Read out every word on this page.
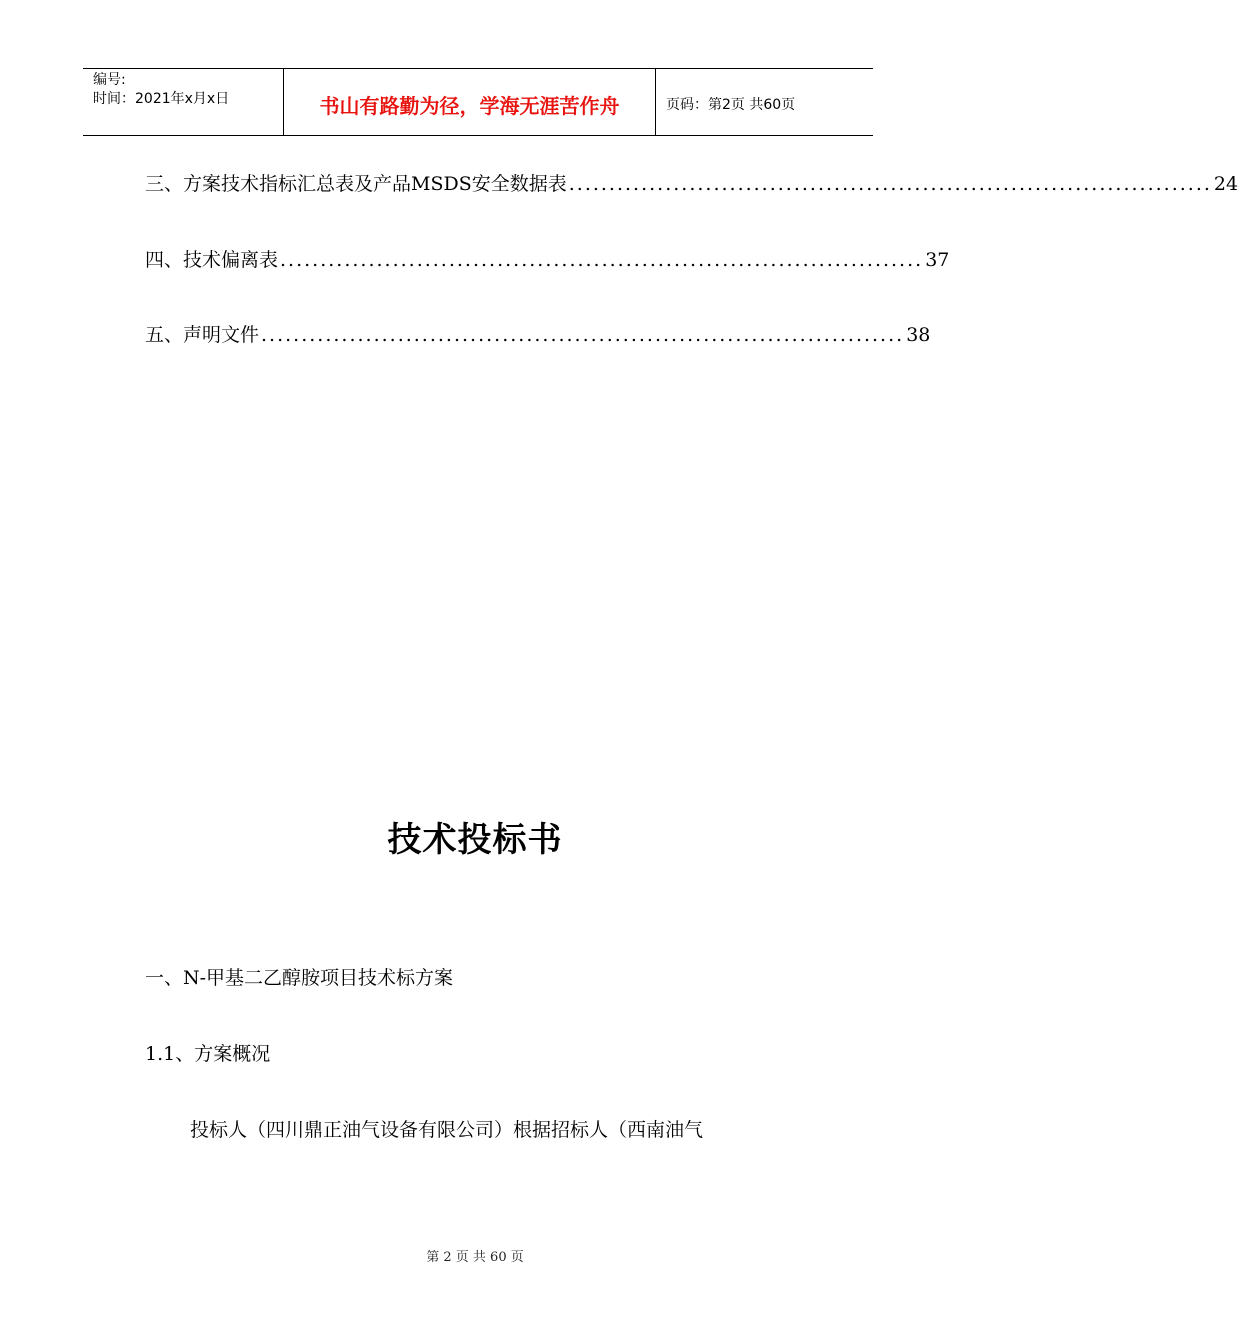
编号:
时间：2021年x月x日	书山有路勤为径，学海无涯苦作舟	页码：第2页 共60页
三、方案技术指标汇总表及产品MSDS安全数据表 ................................................................................ 24
四、技术偏离表 ................................................................................ 37
五、声明文件 ................................................................................ 38
技术投标书
一、N-甲基二乙醇胺项目技术标方案
1.1、方案概况
投标人（四川鼎正油气设备有限公司）根据招标人（西南油气
第 2 页 共 60 页
